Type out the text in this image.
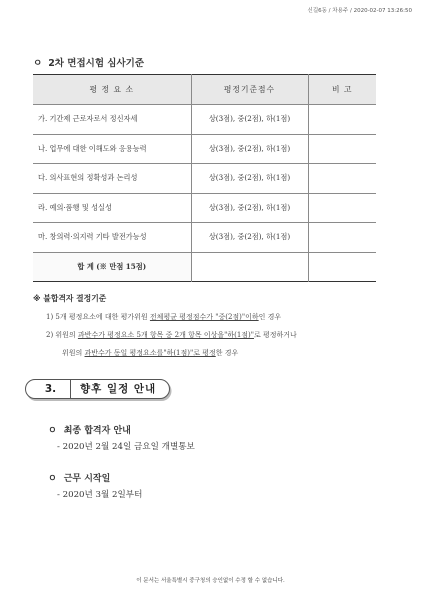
신길6동 / 차용주 / 2020-02-07 13:26:50
ㅇ 2차 면접시험 심사기준
평 정 요 소	평정기준점수	비 고
가. 기간제 근로자로서 정신자세	상(3점), 중(2점), 하(1점)	
나. 업무에 대한 이해도와 응용능력	상(3점), 중(2점), 하(1점)	
다. 의사표현의 정확성과 논리성	상(3점), 중(2점), 하(1점)	
라. 예의·품행 및 성실성	상(3점), 중(2점), 하(1점)	
마. 창의력·의지력 기타 발전가능성	상(3점), 중(2점), 하(1점)	
합 계 (※ 만점 15점)		
※ 불합격자 결정기준
1) 5개 평정요소에 대한 평가위원 전체평균 평정점수가 "중(2점)"이하인 경우
2) 위원의 과반수가 평정요소 5개 항목 중 2개 항목 이상을"하(1점)"로 평정하거나
위원의 과반수가 동일 평정요소를"하(1점)"로 평정한 경우
3.	향후 일정 안내
ㅇ 최종 합격자 안내
- 2020년 2월 24일 금요일 개별통보
ㅇ 근무 시작일
- 2020년 3월 2일부터
이 문서는 서울특별시 중구청의 승인없이 수정 할 수 없습니다.
